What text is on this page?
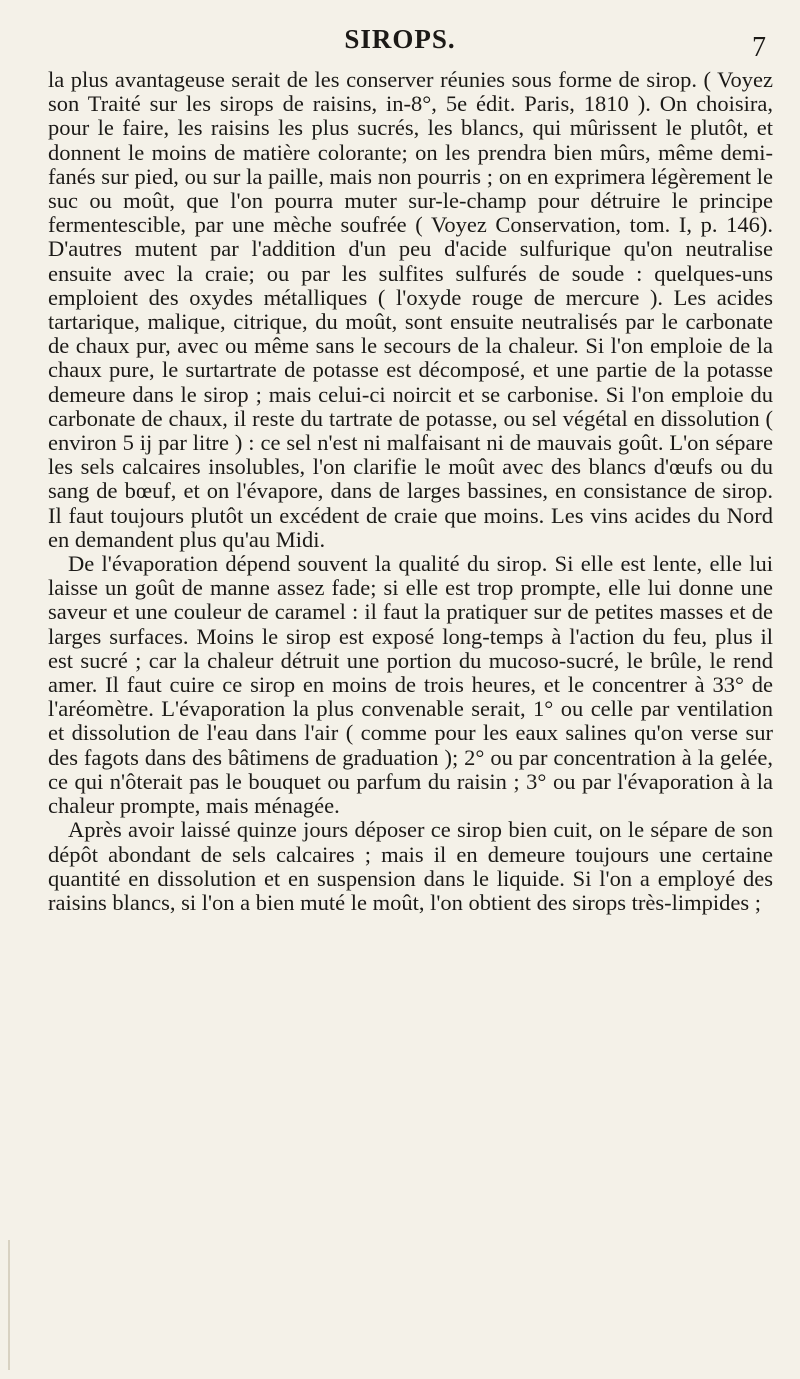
SIROPS.	7

la plus avantageuse serait de les conserver réunies sous forme de sirop. ( Voyez son Traité sur les sirops de raisins, in-8°, 5e édit. Paris, 1810 ). On choisira, pour le faire, les raisins les plus sucrés, les blancs, qui mûrissent le plutôt, et donnent le moins de matière colorante; on les prendra bien mûrs, même demi-fanés sur pied, ou sur la paille, mais non pourris ; on en exprimera légèrement le suc ou moût, que l'on pourra muter sur-le-champ pour détruire le principe fermentescible, par une mèche soufrée ( Voyez Conservation, tom. I, p. 146). D'autres mutent par l'addition d'un peu d'acide sulfurique qu'on neutralise ensuite avec la craie; ou par les sulfites sulfurés de soude : quelques-uns emploient des oxydes métalliques ( l'oxyde rouge de mercure ). Les acides tartarique, malique, citrique, du moût, sont ensuite neutralisés par le carbonate de chaux pur, avec ou même sans le secours de la chaleur. Si l'on emploie de la chaux pure, le surtartrate de potasse est décomposé, et une partie de la potasse demeure dans le sirop ; mais celui-ci noircit et se carbonise. Si l'on emploie du carbonate de chaux, il reste du tartrate de potasse, ou sel végétal en dissolution ( environ 5 ij par litre ) : ce sel n'est ni malfaisant ni de mauvais goût. L'on sépare les sels calcaires insolubles, l'on clarifie le moût avec des blancs d'œufs ou du sang de bœuf, et on l'évapore, dans de larges bassines, en consistance de sirop. Il faut toujours plutôt un excédent de craie que moins. Les vins acides du Nord en demandent plus qu'au Midi.

De l'évaporation dépend souvent la qualité du sirop. Si elle est lente, elle lui laisse un goût de manne assez fade; si elle est trop prompte, elle lui donne une saveur et une couleur de caramel : il faut la pratiquer sur de petites masses et de larges surfaces. Moins le sirop est exposé long-temps à l'action du feu, plus il est sucré ; car la chaleur détruit une portion du mucoso-sucré, le brûle, le rend amer. Il faut cuire ce sirop en moins de trois heures, et le concentrer à 33° de l'aréomètre. L'évaporation la plus convenable serait, 1° ou celle par ventilation et dissolution de l'eau dans l'air ( comme pour les eaux salines qu'on verse sur des fagots dans des bâtimens de graduation ); 2° ou par concentration à la gelée, ce qui n'ôterait pas le bouquet ou parfum du raisin ; 3° ou par l'évaporation à la chaleur prompte, mais ménagée.

Après avoir laissé quinze jours déposer ce sirop bien cuit, on le sépare de son dépôt abondant de sels calcaires ; mais il en demeure toujours une certaine quantité en dissolution et en suspension dans le liquide. Si l'on a employé des raisins blancs, si l'on a bien muté le moût, l'on obtient des sirops très-limpides ;
